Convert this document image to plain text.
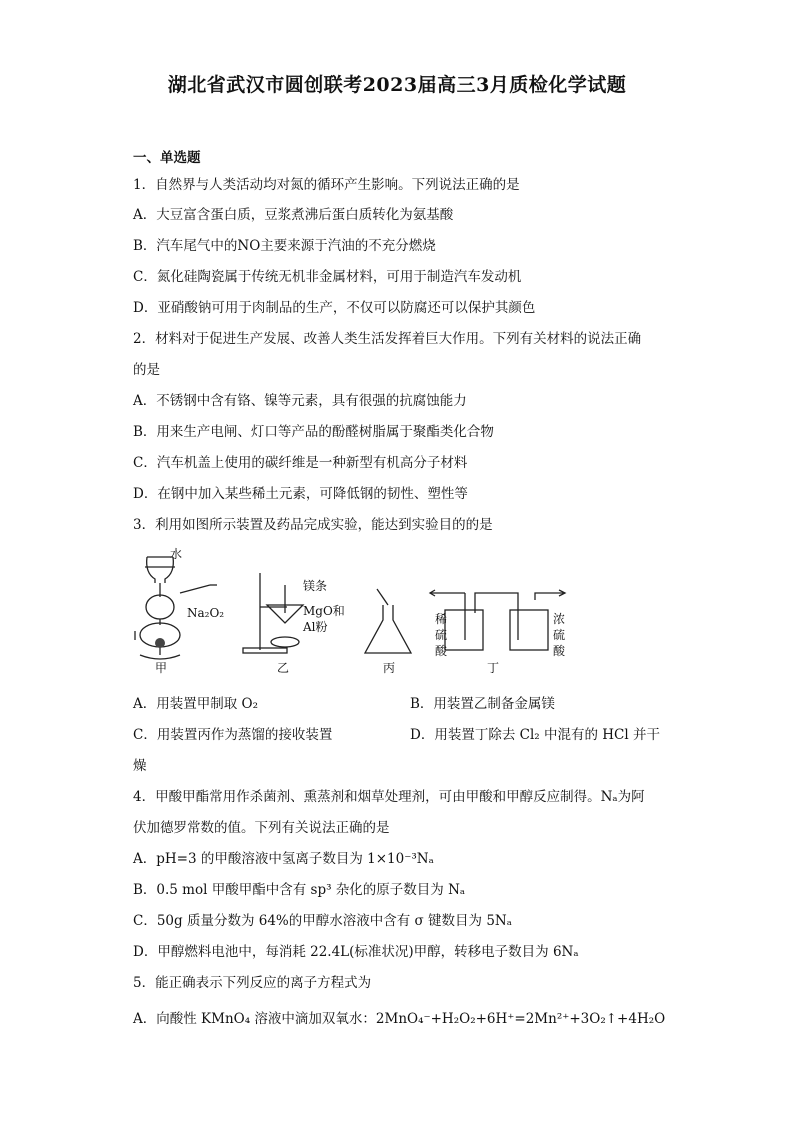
湖北省武汉市圆创联考2023届高三3月质检化学试题
一、单选题
1．自然界与人类活动均对氮的循环产生影响。下列说法正确的是
A．大豆富含蛋白质，豆浆煮沸后蛋白质转化为氨基酸
B．汽车尾气中的NO主要来源于汽油的不充分燃烧
C．氮化硅陶瓷属于传统无机非金属材料，可用于制造汽车发动机
D．亚硝酸钠可用于肉制品的生产，不仅可以防腐还可以保护其颜色
2．材料对于促进生产发展、改善人类生活发挥着巨大作用。下列有关材料的说法正确
的是
A．不锈钢中含有铬、镍等元素，具有很强的抗腐蚀能力
B．用来生产电闸、灯口等产品的酚醛树脂属于聚酯类化合物
C．汽车机盖上使用的碳纤维是一种新型有机高分子材料
D．在钢中加入某些稀土元素，可降低钢的韧性、塑性等
3．利用如图所示装置及药品完成实验，能达到实验目的的是
水
Na₂O₂
甲
镁条
MgO和
Al粉
乙	丙
稀
硫
酸
浓
硫
酸
丁
A．用装置甲制取 O₂	B．用装置乙制备金属镁
C．用装置丙作为蒸馏的接收装置	D．用装置丁除去 Cl₂ 中混有的 HCl 并干
燥
4．甲酸甲酯常用作杀菌剂、熏蒸剂和烟草处理剂，可由甲酸和甲醇反应制得。Nₐ为阿
伏加德罗常数的值。下列有关说法正确的是
A．pH=3 的甲酸溶液中氢离子数目为 1×10⁻³Nₐ
B．0.5 mol 甲酸甲酯中含有 sp³ 杂化的原子数目为 Nₐ
C．50g 质量分数为 64%的甲醇水溶液中含有 σ 键数目为 5Nₐ
D．甲醇燃料电池中，每消耗 22.4L(标准状况)甲醇，转移电子数目为 6Nₐ
5．能正确表示下列反应的离子方程式为
A．向酸性 KMnO₄ 溶液中滴加双氧水：2MnO₄⁻+H₂O₂+6H⁺=2Mn²⁺+3O₂↑+4H₂O
